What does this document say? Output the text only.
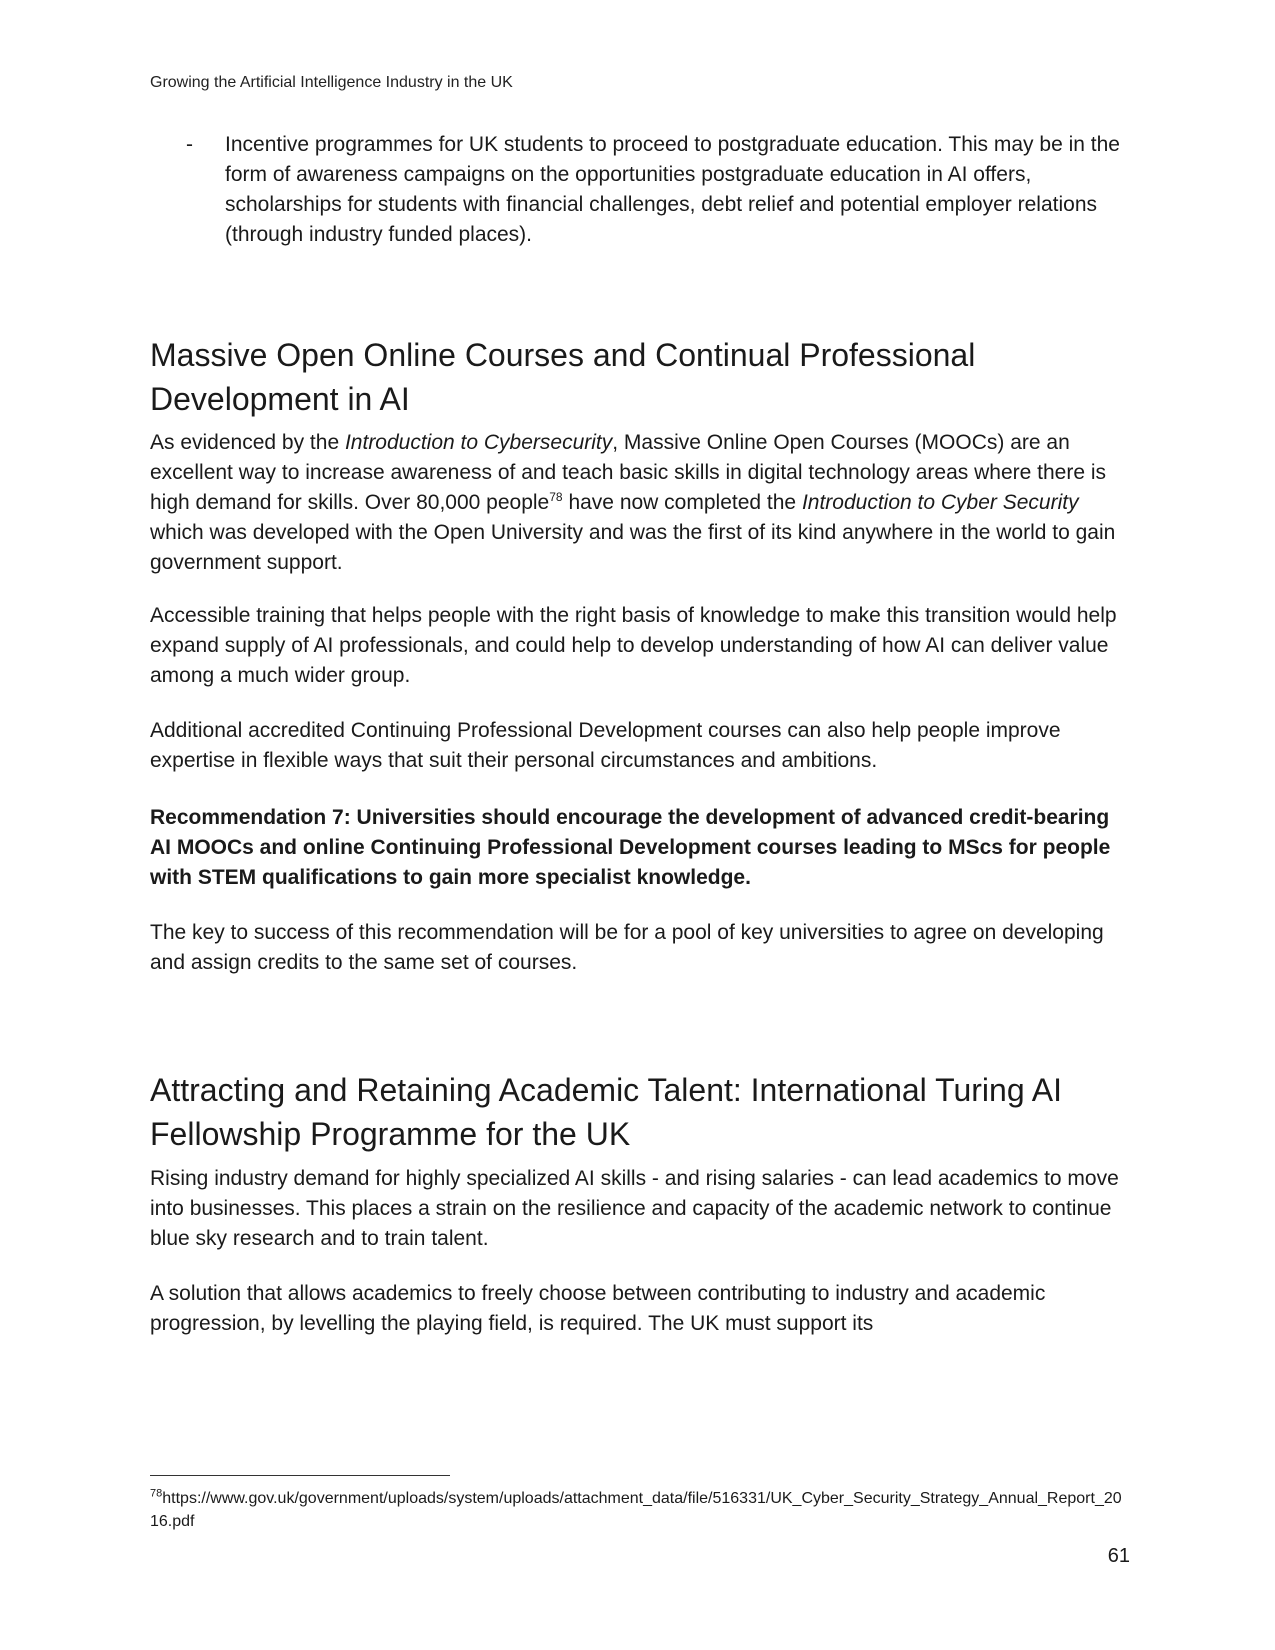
Growing the Artificial Intelligence Industry in the UK
- Incentive programmes for UK students to proceed to postgraduate education. This may be in the form of awareness campaigns on the opportunities postgraduate education in AI offers, scholarships for students with financial challenges, debt relief and potential employer relations (through industry funded places).
Massive Open Online Courses and Continual Professional Development in AI

As evidenced by the Introduction to Cybersecurity, Massive Online Open Courses (MOOCs) are an excellent way to increase awareness of and teach basic skills in digital technology areas where there is high demand for skills. Over 80,000 people$^{78}$ have now completed the Introduction to Cyber Security which was developed with the Open University and was the first of its kind anywhere in the world to gain government support.

Accessible training that helps people with the right basis of knowledge to make this transition would help expand supply of AI professionals, and could help to develop understanding of how AI can deliver value among a much wider group.

Additional accredited Continuing Professional Development courses can also help people improve expertise in flexible ways that suit their personal circumstances and ambitions.

Recommendation 7: Universities should encourage the development of advanced credit-bearing AI MOOCs and online Continuing Professional Development courses leading to MScs for people with STEM qualifications to gain more specialist knowledge.

The key to success of this recommendation will be for a pool of key universities to agree on developing and assign credits to the same set of courses.

Attracting and Retaining Academic Talent: International Turing AI Fellowship Programme for the UK

Rising industry demand for highly specialized AI skills - and rising salaries - can lead academics to move into businesses. This places a strain on the resilience and capacity of the academic network to continue blue sky research and to train talent.

A solution that allows academics to freely choose between contributing to industry and academic progression, by levelling the playing field, is required. The UK must support its

$^{78}$https://www.gov.uk/government/uploads/system/uploads/attachment_data/file/516331/UK_Cyber_Security_Strategy_Annual_Report_2016.pdf
61
